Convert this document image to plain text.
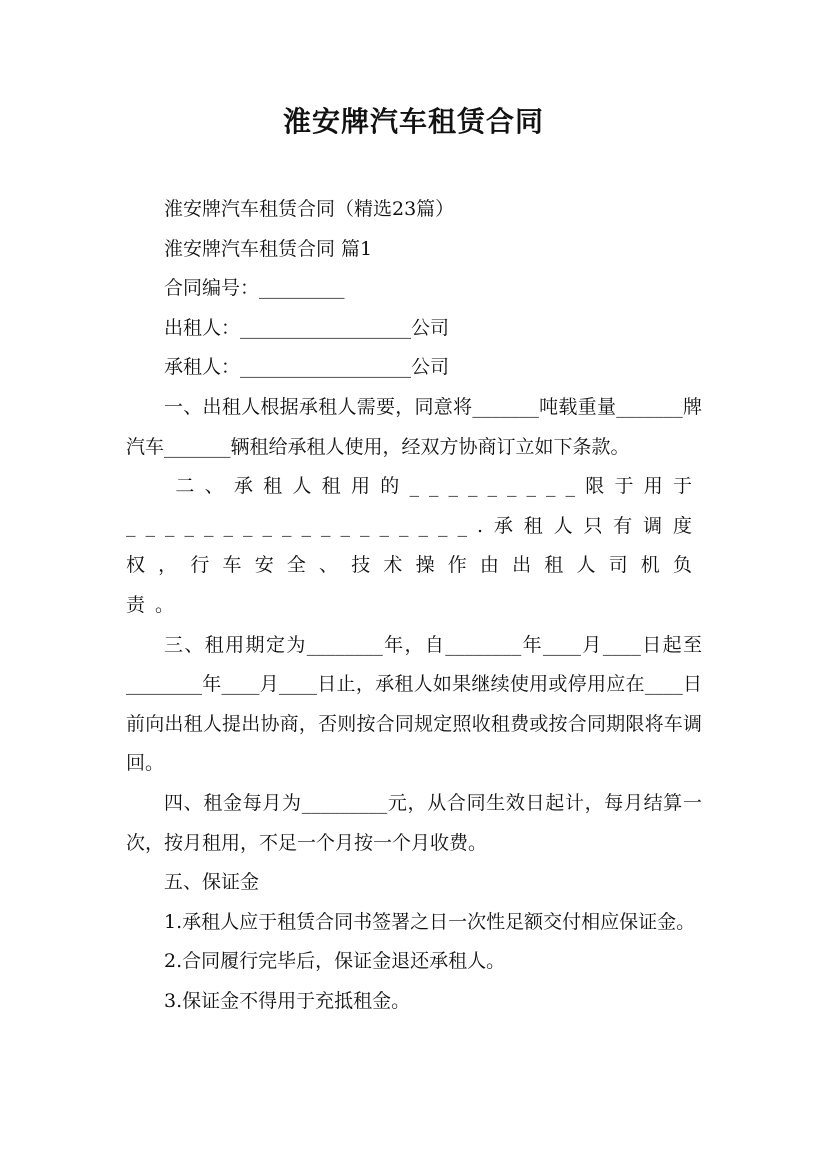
淮安牌汽车租赁合同

淮安牌汽车租赁合同（精选23篇）

淮安牌汽车租赁合同 篇1

合同编号：_________

出租人：__________________公司

承租人：__________________公司

一、出租人根据承租人需要，同意将_______吨载重量_______牌汽车_______辆租给承租人使用，经双方协商订立如下条款。

二、承租人租用的_________限于用于__________________.承租人只有调度权，行车安全、技术操作由出租人司机负责。

三、租用期定为________年，自________年____月____日起至________年____月____日止，承租人如果继续使用或停用应在____日前向出租人提出协商，否则按合同规定照收租费或按合同期限将车调回。

四、租金每月为_________元，从合同生效日起计，每月结算一次，按月租用，不足一个月按一个月收费。

五、保证金

1.承租人应于租赁合同书签署之日一次性足额交付相应保证金。

2.合同履行完毕后，保证金退还承租人。

3.保证金不得用于充抵租金。
